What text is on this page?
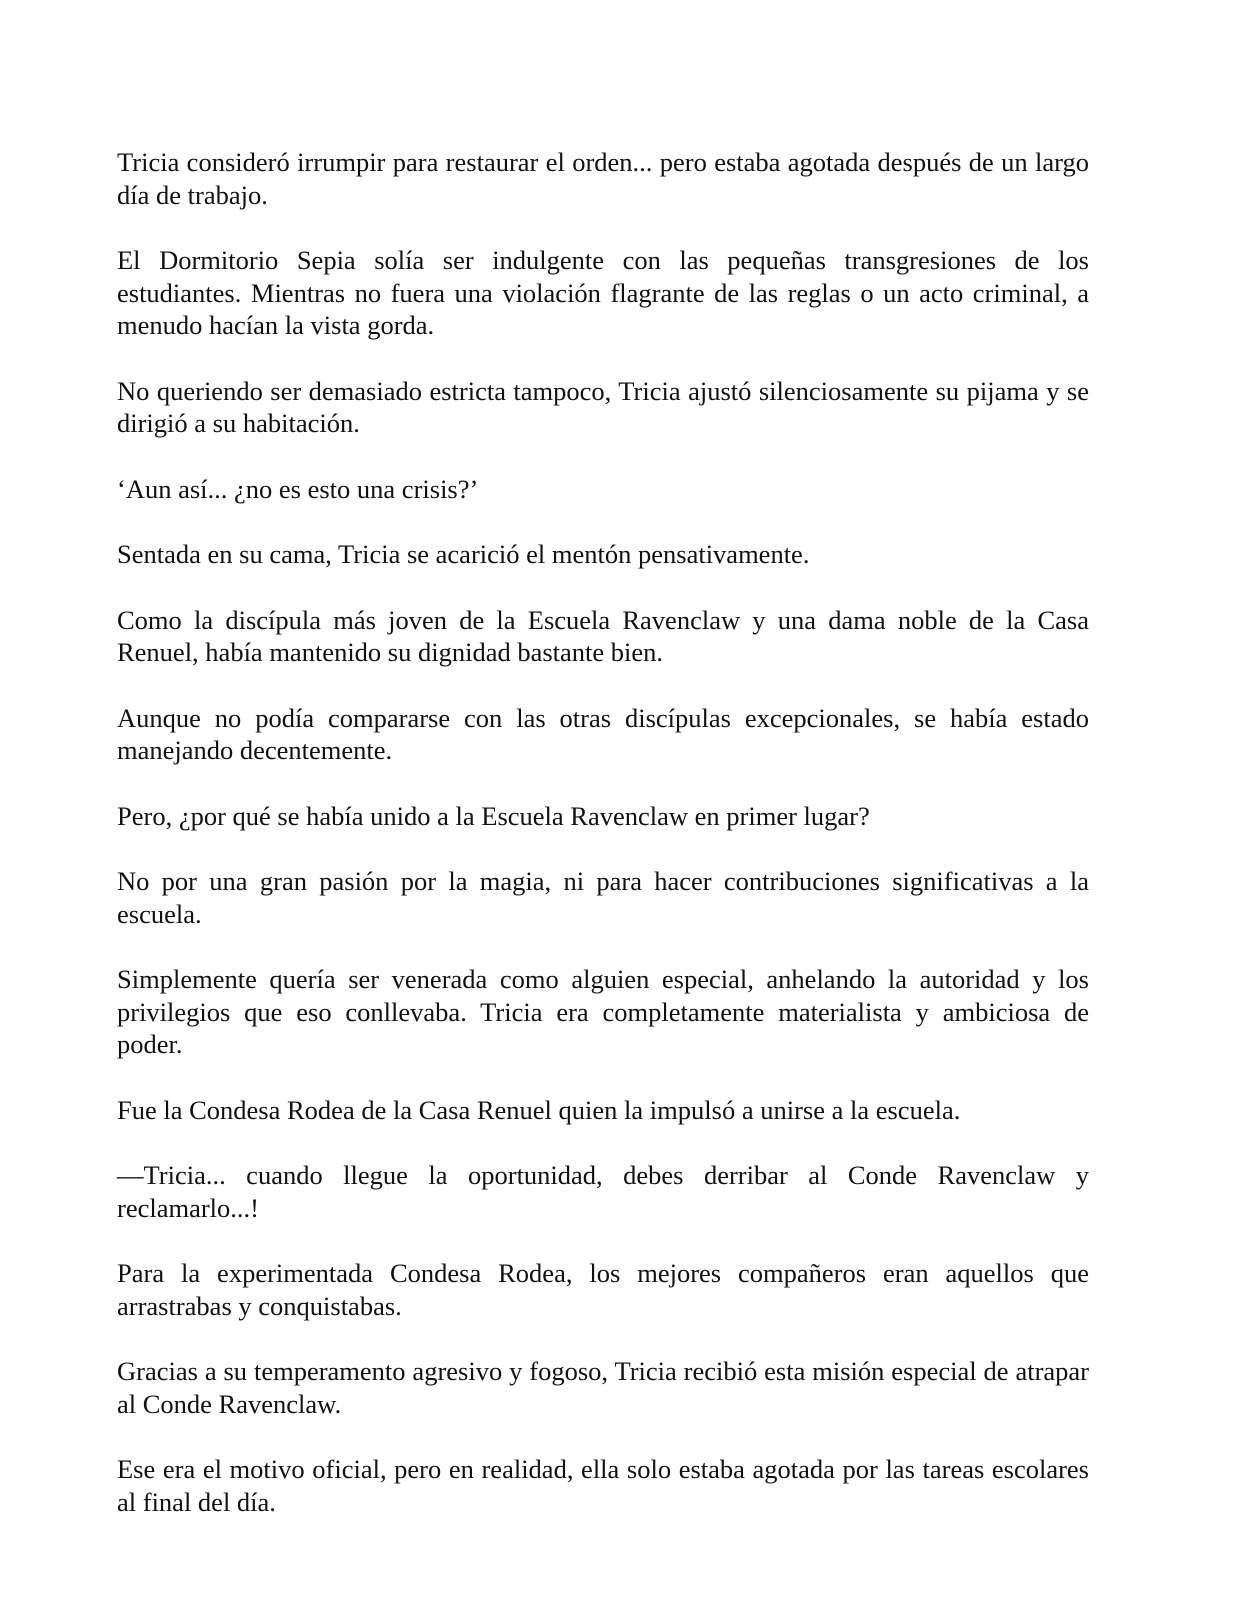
Tricia consideró irrumpir para restaurar el orden... pero estaba agotada después de un largo día de trabajo.

El Dormitorio Sepia solía ser indulgente con las pequeñas transgresiones de los estudiantes. Mientras no fuera una violación flagrante de las reglas o un acto criminal, a menudo hacían la vista gorda.

No queriendo ser demasiado estricta tampoco, Tricia ajustó silenciosamente su pijama y se dirigió a su habitación.

‘Aun así... ¿no es esto una crisis?’

Sentada en su cama, Tricia se acarició el mentón pensativamente.

Como la discípula más joven de la Escuela Ravenclaw y una dama noble de la Casa Renuel, había mantenido su dignidad bastante bien.

Aunque no podía compararse con las otras discípulas excepcionales, se había estado manejando decentemente.

Pero, ¿por qué se había unido a la Escuela Ravenclaw en primer lugar?

No por una gran pasión por la magia, ni para hacer contribuciones significativas a la escuela.

Simplemente quería ser venerada como alguien especial, anhelando la autoridad y los privilegios que eso conllevaba. Tricia era completamente materialista y ambiciosa de poder.

Fue la Condesa Rodea de la Casa Renuel quien la impulsó a unirse a la escuela.

—Tricia... cuando llegue la oportunidad, debes derribar al Conde Ravenclaw y reclamarlo...!

Para la experimentada Condesa Rodea, los mejores compañeros eran aquellos que arrastrabas y conquistabas.

Gracias a su temperamento agresivo y fogoso, Tricia recibió esta misión especial de atrapar al Conde Ravenclaw.

Ese era el motivo oficial, pero en realidad, ella solo estaba agotada por las tareas escolares al final del día.
